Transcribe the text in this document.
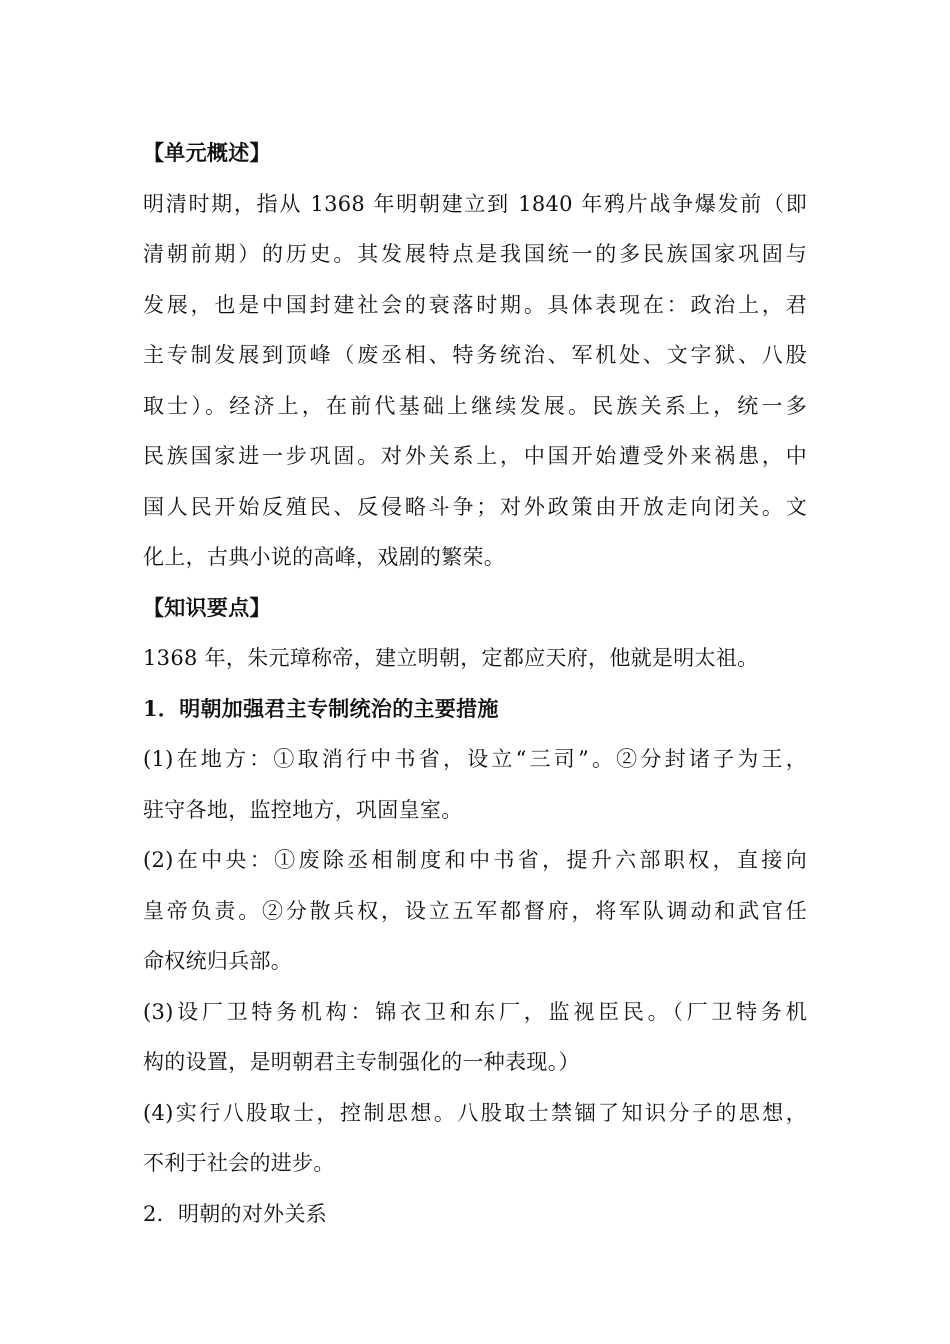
【单元概述】
明清时期，指从 1368 年明朝建立到 1840 年鸦片战争爆发前（即
清朝前期）的历史。其发展特点是我国统一的多民族国家巩固与
发展，也是中国封建社会的衰落时期。具体表现在：政治上，君
主专制发展到顶峰（废丞相、特务统治、军机处、文字狱、八股
取士）。经济上，在前代基础上继续发展。民族关系上，统一多
民族国家进一步巩固。对外关系上，中国开始遭受外来祸患，中
国人民开始反殖民、反侵略斗争；对外政策由开放走向闭关。文
化上，古典小说的高峰，戏剧的繁荣。
【知识要点】
1368 年，朱元璋称帝，建立明朝，定都应天府，他就是明太祖。
1．明朝加强君主专制统治的主要措施
(1)在地方：①取消行中书省，设立“三司”。②分封诸子为王，
驻守各地，监控地方，巩固皇室。
(2)在中央：①废除丞相制度和中书省，提升六部职权，直接向
皇帝负责。②分散兵权，设立五军都督府，将军队调动和武官任
命权统归兵部。
(3)设厂卫特务机构：锦衣卫和东厂，监视臣民。（厂卫特务机
构的设置，是明朝君主专制强化的一种表现。）
(4)实行八股取士，控制思想。八股取士禁锢了知识分子的思想，
不利于社会的进步。
2．明朝的对外关系
